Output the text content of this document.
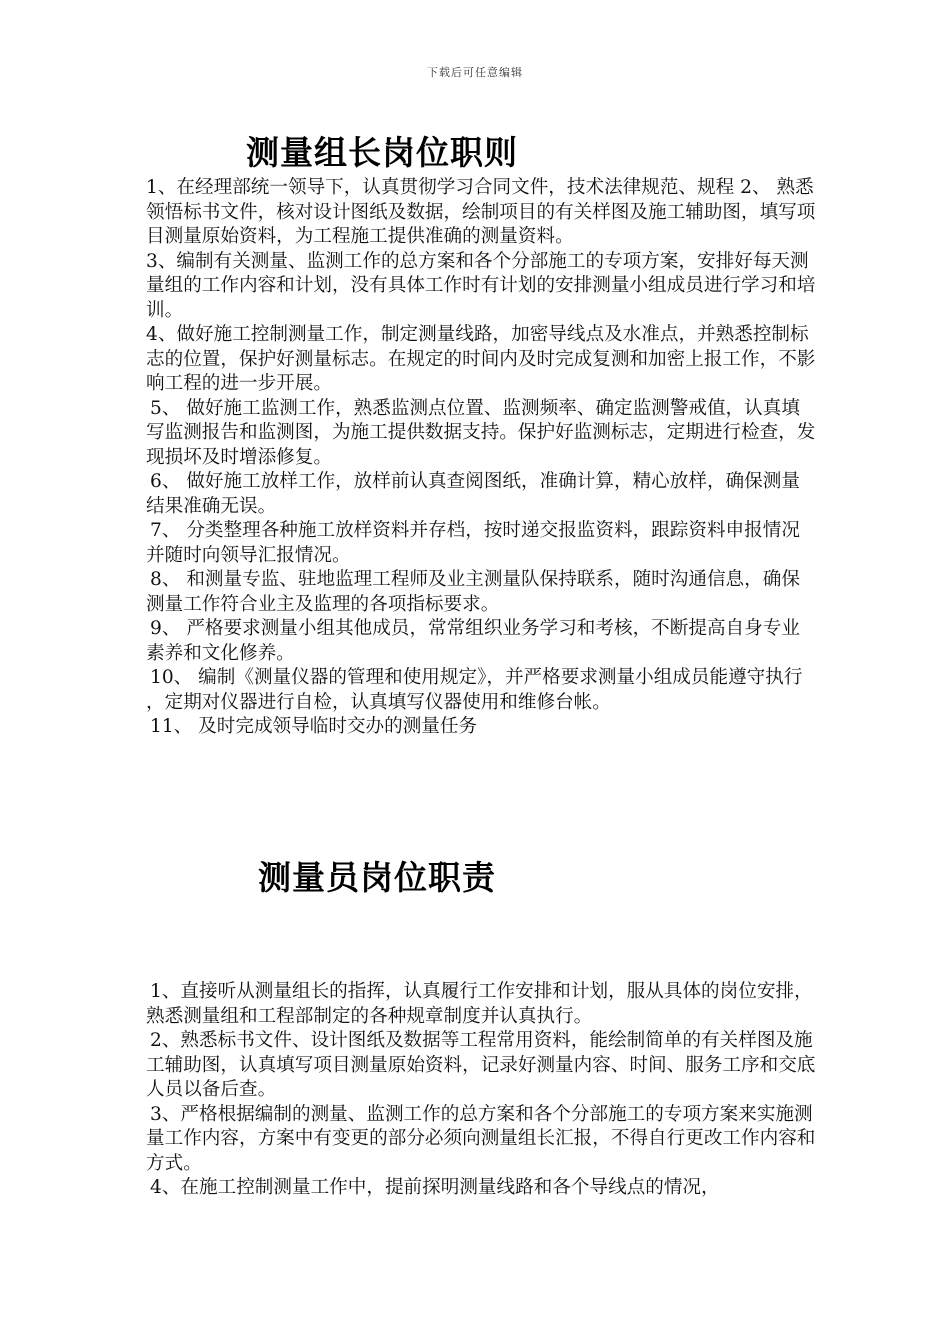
下载后可任意编辑
测量组长岗位职则

1、在经理部统一领导下，认真贯彻学习合同文件，技术法律规范、规程 2、 熟悉领悟标书文件，核对设计图纸及数据，绘制项目的有关样图及施工辅助图，填写项目测量原始资料，为工程施工提供准确的测量资料。

3、编制有关测量、监测工作的总方案和各个分部施工的专项方案，安排好每天测量组的工作内容和计划，没有具体工作时有计划的安排测量小组成员进行学习和培训。

4、做好施工控制测量工作，制定测量线路，加密导线点及水准点，并熟悉控制标志的位置，保护好测量标志。在规定的时间内及时完成复测和加密上报工作，不影响工程的进一步开展。

5、 做好施工监测工作，熟悉监测点位置、监测频率、确定监测警戒值，认真填写监测报告和监测图，为施工提供数据支持。保护好监测标志，定期进行检查，发现损坏及时增添修复。

6、 做好施工放样工作，放样前认真查阅图纸，准确计算，精心放样，确保测量结果准确无误。

7、 分类整理各种施工放样资料并存档，按时递交报监资料，跟踪资料申报情况并随时向领导汇报情况。

8、 和测量专监、驻地监理工程师及业主测量队保持联系，随时沟通信息，确保测量工作符合业主及监理的各项指标要求。

9、 严格要求测量小组其他成员，常常组织业务学习和考核，不断提高自身专业素养和文化修养。

10、 编制《测量仪器的管理和使用规定》，并严格要求测量小组成员能遵守执行，定期对仪器进行自检，认真填写仪器使用和维修台帐。

11、 及时完成领导临时交办的测量任务

测量员岗位职责

1、直接听从测量组长的指挥，认真履行工作安排和计划，服从具体的岗位安排，熟悉测量组和工程部制定的各种规章制度并认真执行。

2、熟悉标书文件、设计图纸及数据等工程常用资料，能绘制简单的有关样图及施工辅助图，认真填写项目测量原始资料，记录好测量内容、时间、服务工序和交底人员以备后查。

3、严格根据编制的测量、监测工作的总方案和各个分部施工的专项方案来实施测量工作内容，方案中有变更的部分必须向测量组长汇报，不得自行更改工作内容和方式。

4、在施工控制测量工作中，提前探明测量线路和各个导线点的情况，
